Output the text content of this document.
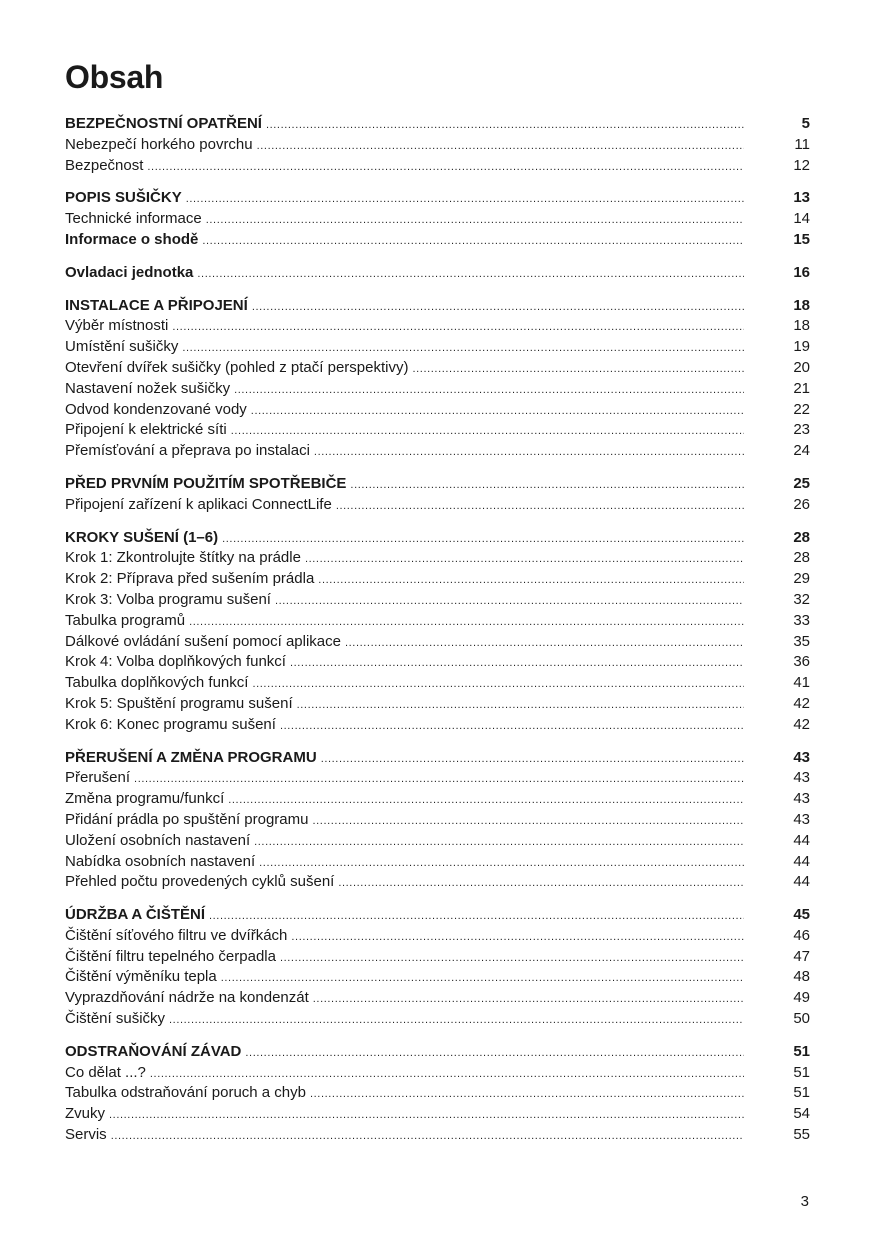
Obsah
BEZPEČNOSTNÍ OPATŘENÍ .....	5
Nebezpečí horkého povrchu .....	11
Bezpečnost .....	12
POPIS SUŠIČKY .....	13
Technické informace .....	14
Informace o shodě .....	15
Ovladaci jednotka .....	16
INSTALACE A PŘIPOJENÍ .....	18
Výběr místnosti .....	18
Umístění sušičky .....	19
Otevření dvířek sušičky (pohled z ptačí perspektivy) .....	20
Nastavení nožek sušičky .....	21
Odvod kondenzované vody .....	22
Připojení k elektrické síti .....	23
Přemísťování a přeprava po instalaci .....	24
PŘED PRVNÍM POUŽITÍM SPOTŘEBIČE .....	25
Připojení zařízení k aplikaci ConnectLife .....	26
KROKY SUŠENÍ (1–6) .....	28
Krok 1: Zkontrolujte štítky na prádle .....	28
Krok 2: Příprava před sušením prádla .....	29
Krok 3: Volba programu sušení .....	32
Tabulka programů .....	33
Dálkové ovládání sušení pomocí aplikace .....	35
Krok 4: Volba doplňkových funkcí .....	36
Tabulka doplňkových funkcí .....	41
Krok 5: Spuštění programu sušení .....	42
Krok 6: Konec programu sušení .....	42
PŘERUŠENÍ A ZMĚNA PROGRAMU .....	43
Přerušení .....	43
Změna programu/funkcí .....	43
Přidání prádla po spuštění programu .....	43
Uložení osobních nastavení .....	44
Nabídka osobních nastavení .....	44
Přehled počtu provedených cyklů sušení .....	44
ÚDRŽBA A ČIŠTĚNÍ .....	45
Čištění síťového filtru ve dvířkách .....	46
Čištění filtru tepelného čerpadla .....	47
Čištění výměníku tepla .....	48
Vyprazdňování nádrže na kondenzát .....	49
Čištění sušičky .....	50
ODSTRAŇOVÁNÍ ZÁVAD .....	51
Co dělat ...? .....	51
Tabulka odstraňování poruch a chyb .....	51
Zvuky .....	54
Servis .....	55
3
